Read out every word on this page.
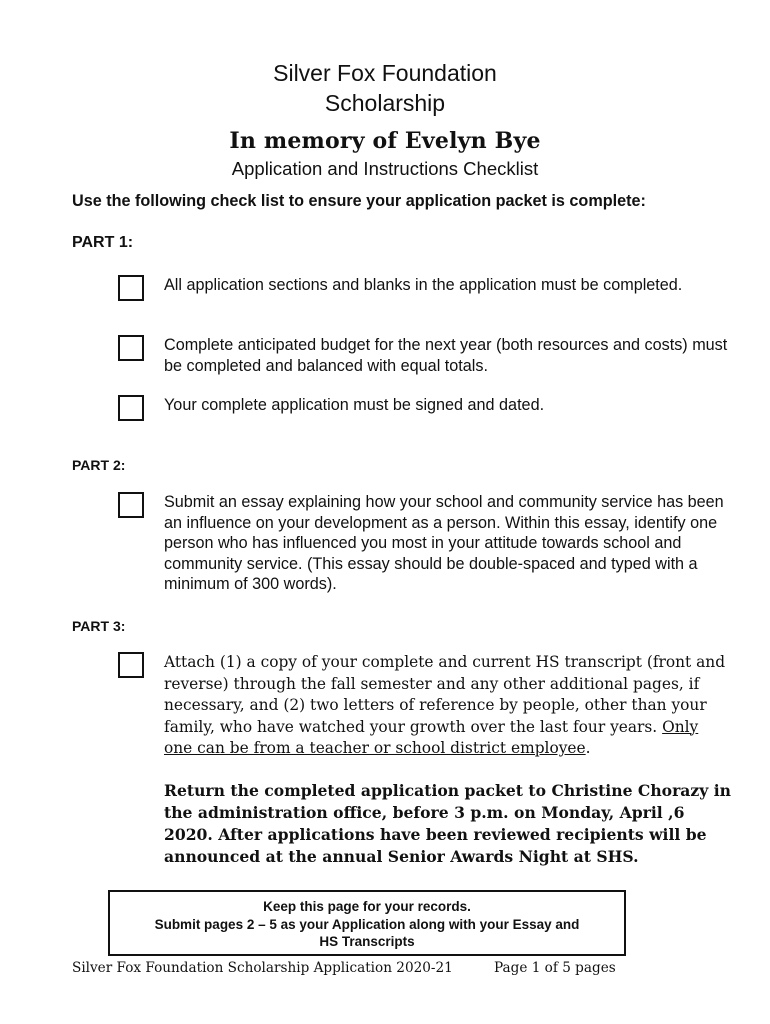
Silver Fox Foundation
Scholarship
In memory of Evelyn Bye
Application and Instructions Checklist
Use the following check list to ensure your application packet is complete:
PART 1:
All application sections and blanks in the application must be completed.
Complete anticipated budget for the next year (both resources and costs) must be completed and balanced with equal totals.
Your complete application must be signed and dated.
PART 2:
Submit an essay explaining how your school and community service has been an influence on your development as a person. Within this essay, identify one person who has influenced you most in your attitude towards school and community service. (This essay should be double-spaced and typed with a minimum of 300 words).
PART 3:
Attach (1) a copy of your complete and current HS transcript (front and reverse) through the fall semester and any other additional pages, if necessary, and (2) two letters of reference by people, other than your family, who have watched your growth over the last four years. Only one can be from a teacher or school district employee.
Return the completed application packet to Christine Chorazy in the administration office, before 3 p.m. on Monday, April ,6 2020. After applications have been reviewed recipients will be announced at the annual Senior Awards Night at SHS.
Keep this page for your records.
Submit pages 2 – 5 as your Application along with your Essay and
HS Transcripts
Silver Fox Foundation Scholarship Application 2020-21	Page 1 of 5 pages
